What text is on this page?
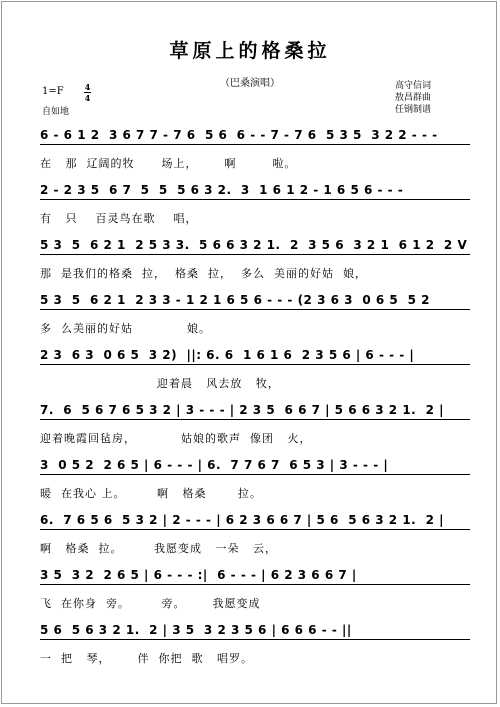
草原上的格桑拉
（巴桑演唱）	高守信词
敖昌群曲
任钢制谱
1=F	4
4
自如地
6 - 6 1 2  3 6 7 7 - 7 6  5 6  6 - - 7 - 7 6  5 3 5  3 2 2 - - -
在   那  辽阔的牧      场上，      啊        啦。
2 - 2 3 5  6 7  5  5  5 6 3 2.  3  1 6 1 2 - 1 6 5 6 - - -
有   只    百灵鸟在歌    唱，
5 3  5  6 2 1  2 5 3 3.  5 6 6 3 2 1.  2  3 5 6  3 2 1  6 1 2  2 V
那  是我们的格桑  拉，  格桑  拉，  多么  美丽的好姑  娘，
5 3  5  6 2 1  2 3 3 - 1 2 1 6 5 6 - - - (2 3 6 3  0 6 5  5 2
多  么美丽的好姑            娘。
2 3  6 3  0 6 5  3 2)  ||: 6. 6  1 6 1 6  2 3 5 6 | 6 - - - |
迎着晨   风去放   牧，
7.  6  5 6 7 6 5 3 2 | 3 - - - | 2 3 5  6 6 7 | 5 6 6 3 2 1.  2 |
迎着晚霞回毡房，          姑娘的歌声  像团   火，
3  0 5 2  2 6 5 | 6 - - - | 6.  7 7 6 7  6 5 3 | 3 - - - |
暖  在我心 上。       啊   格桑       拉。
6.  7 6 5 6  5 3 2 | 2 - - - | 6 2 3 6 6 7 | 5 6  5 6 3 2 1.  2 |
啊   格桑  拉。       我愿变成   一朵   云，
3 5  3 2  2 6 5 | 6 - - - :|  6 - - - | 6 2 3 6 6 7 |
飞  在你身  旁。       旁。      我愿变成
5 6  5 6 3 2 1.  2 | 3 5  3 2 3 5 6 | 6 6 6 - - ||
一  把   琴，      伴  你把  歌   唱罗。
